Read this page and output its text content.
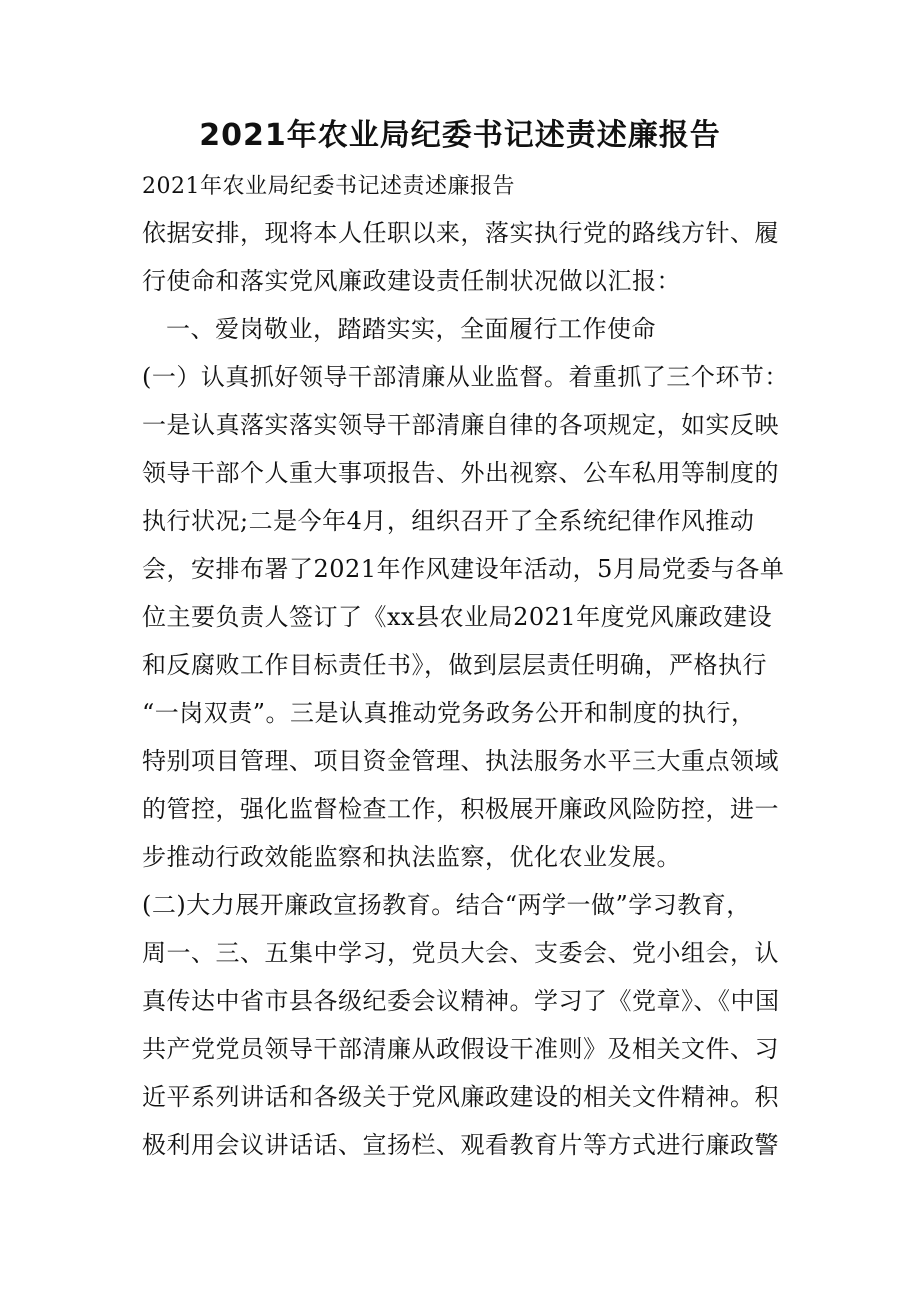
2021年农业局纪委书记述责述廉报告
2021年农业局纪委书记述责述廉报告
依据安排，现将本人任职以来，落实执行党的路线方针、履
行使命和落实党风廉政建设责任制状况做以汇报：
一、爱岗敬业，踏踏实实，全面履行工作使命
(一）认真抓好领导干部清廉从业监督。着重抓了三个环节：
一是认真落实落实领导干部清廉自律的各项规定，如实反映
领导干部个人重大事项报告、外出视察、公车私用等制度的
执行状况;二是今年4月，组织召开了全系统纪律作风推动
会，安排布署了2021年作风建设年活动，5月局党委与各单
位主要负责人签订了《xx县农业局2021年度党风廉政建设
和反腐败工作目标责任书》，做到层层责任明确，严格执行
“一岗双责”。三是认真推动党务政务公开和制度的执行，
特别项目管理、项目资金管理、执法服务水平三大重点领域
的管控，强化监督检查工作，积极展开廉政风险防控，进一
步推动行政效能监察和执法监察，优化农业发展。
(二)大力展开廉政宣扬教育。结合“两学一做”学习教育，
周一、三、五集中学习，党员大会、支委会、党小组会，认
真传达中省市县各级纪委会议精神。学习了《党章》、《中国
共产党党员领导干部清廉从政假设干准则》及相关文件、习
近平系列讲话和各级关于党风廉政建设的相关文件精神。积
极利用会议讲话话、宣扬栏、观看教育片等方式进行廉政警
